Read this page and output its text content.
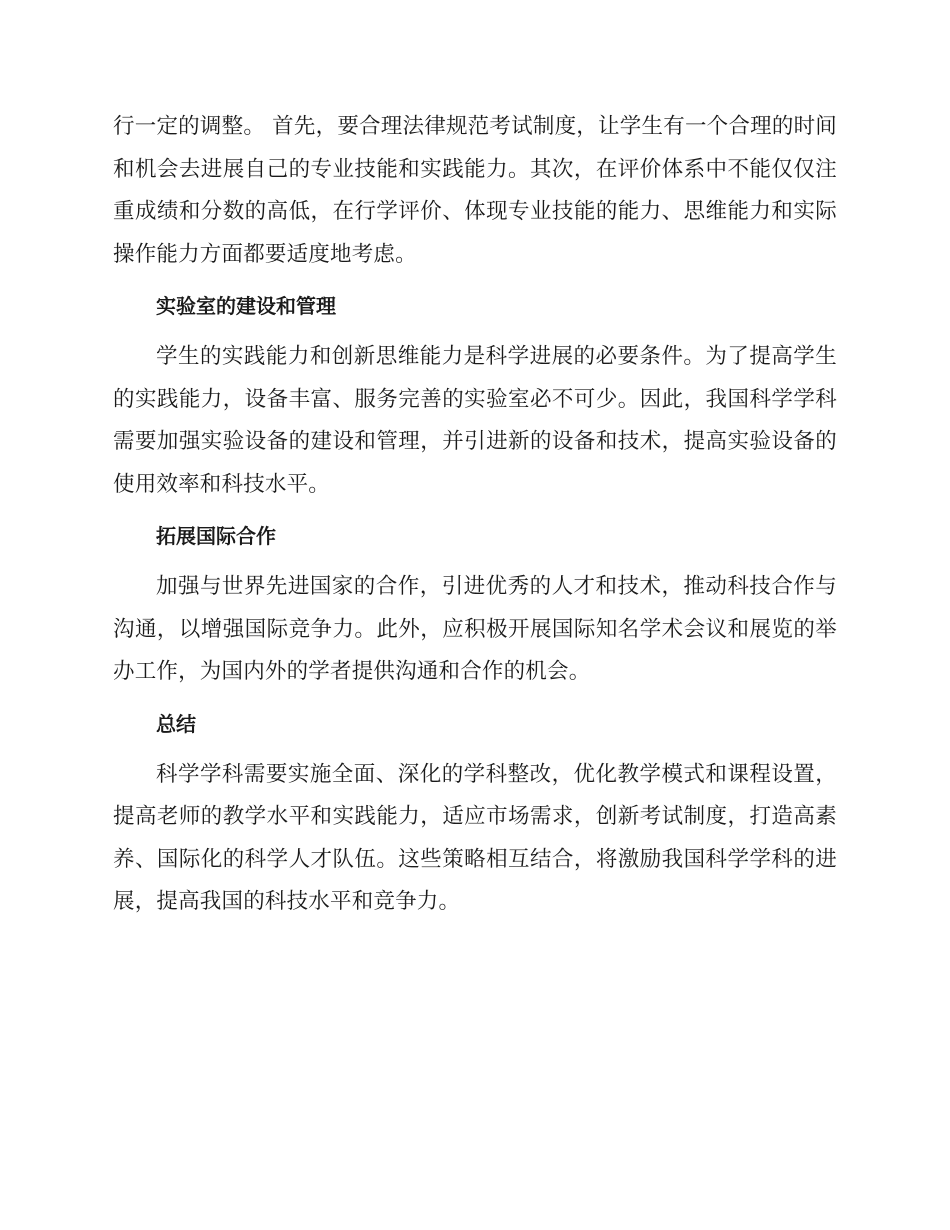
行一定的调整。 首先，要合理法律规范考试制度，让学生有一个合理的时间和机会去进展自己的专业技能和实践能力。其次，在评价体系中不能仅仅注重成绩和分数的高低，在行学评价、体现专业技能的能力、思维能力和实际操作能力方面都要适度地考虑。

实验室的建设和管理

学生的实践能力和创新思维能力是科学进展的必要条件。为了提高学生的实践能力，设备丰富、服务完善的实验室必不可少。因此，我国科学学科需要加强实验设备的建设和管理，并引进新的设备和技术，提高实验设备的使用效率和科技水平。

拓展国际合作

加强与世界先进国家的合作，引进优秀的人才和技术，推动科技合作与沟通，以增强国际竞争力。此外，应积极开展国际知名学术会议和展览的举办工作，为国内外的学者提供沟通和合作的机会。

总结

科学学科需要实施全面、深化的学科整改，优化教学模式和课程设置，提高老师的教学水平和实践能力，适应市场需求，创新考试制度，打造高素养、国际化的科学人才队伍。这些策略相互结合，将激励我国科学学科的进展，提高我国的科技水平和竞争力。
